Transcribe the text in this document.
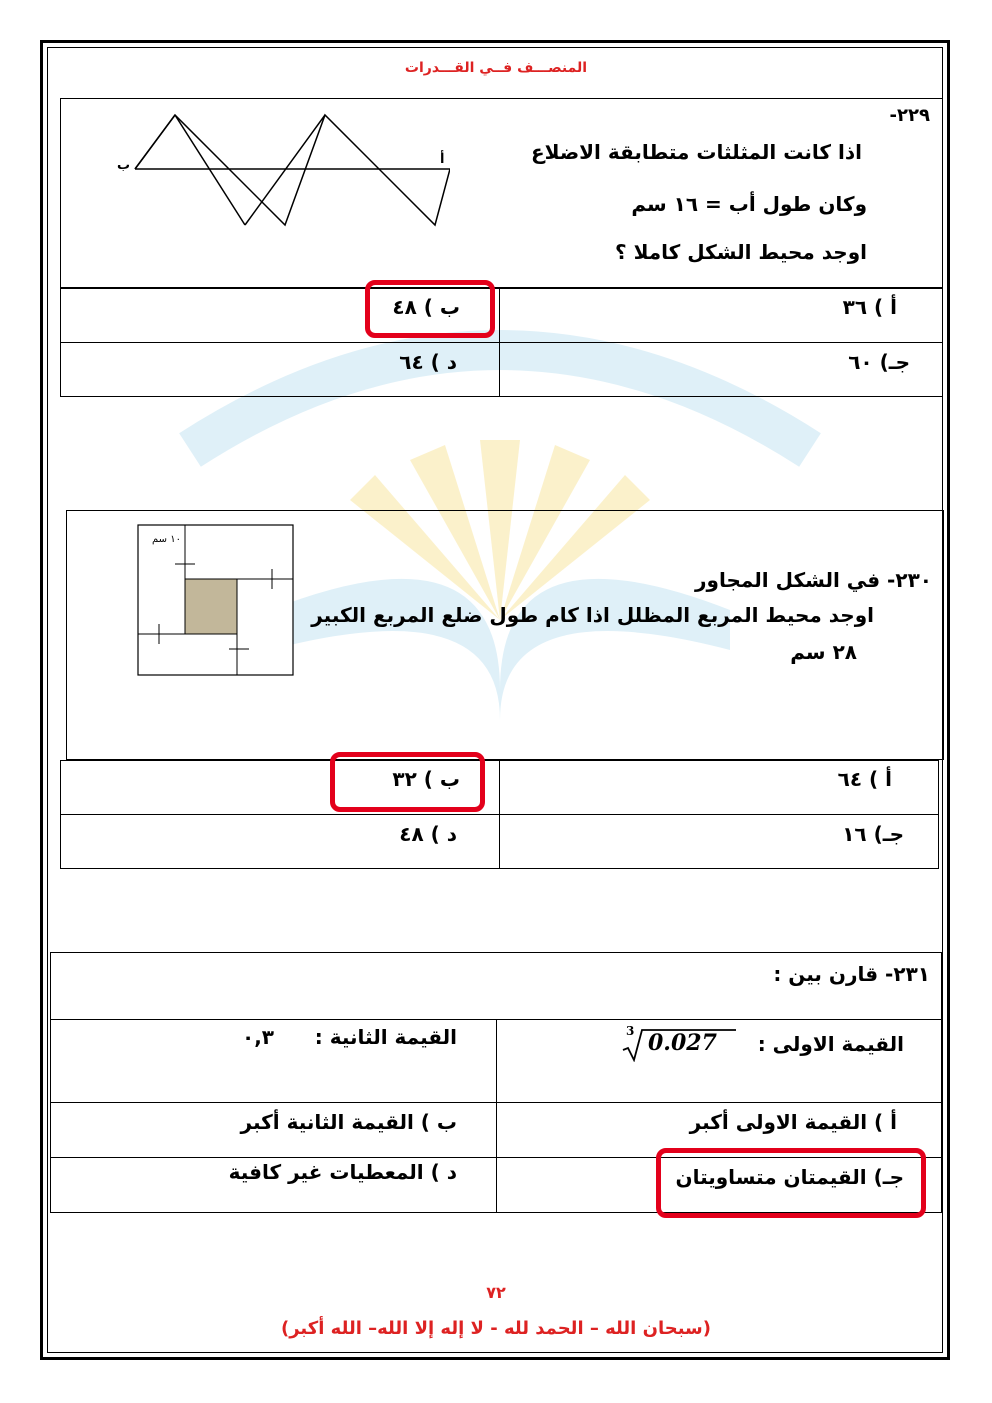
المنصـــف فــي القـــدرات
٢٢٩-
اذا كانت المثلثات متطابقة الاضلاع
وكان طول أب = ١٦ سم
اوجد محيط الشكل كاملا ؟
ب	أ
أ ) ٣٦
ب ) ٤٨
جـ) ٦٠
د ) ٦٤
٢٣٠- في الشكل المجاور
اوجد محيط المربع المظلل اذا كام طول ضلع المربع الكبير
٢٨ سم
١٠ سم
أ ) ٦٤
ب ) ٣٢
جـ) ١٦
د ) ٤٨
٢٣١- قارن بين :
القيمة الاولى :
3 0.027
القيمة الثانية :
٠,٣
أ ) القيمة الاولى أكبر
ب ) القيمة الثانية أكبر
جـ) القيمتان متساويتان
د ) المعطيات غير كافية
٧٢
(سبحان الله – الحمد لله - لا إله إلا الله– الله أكبر)
